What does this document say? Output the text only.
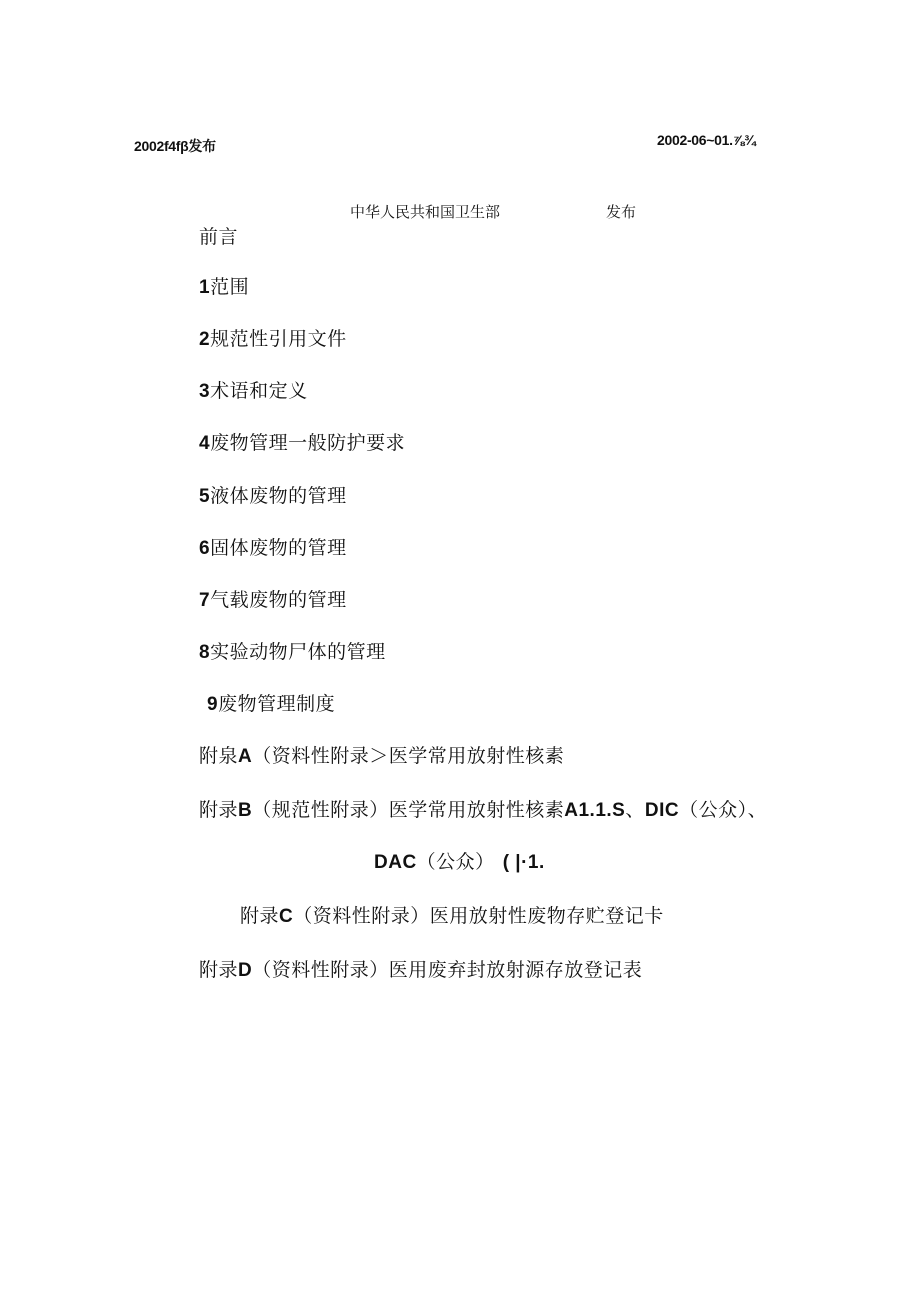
2002f4fβ发布	2002-06~01.⅞¾
中华人民共和国卫生部	发布
前言
1范围
2规范性引用文件
3术语和定义
4废物管理一般防护要求
5液体废物的管理
6固体废物的管理
7气载废物的管理
8实验动物尸体的管理
9废物管理制度
附泉A（资料性附录＞医学常用放射性核素
附录B（规范性附录）医学常用放射性核素A1.1.S、DIC（公众）、
DAC（公众） ( |·1.
附录C（资料性附录）医用放射性废物存贮登记卡
附录D（资料性附录）医用废弃封放射源存放登记表
